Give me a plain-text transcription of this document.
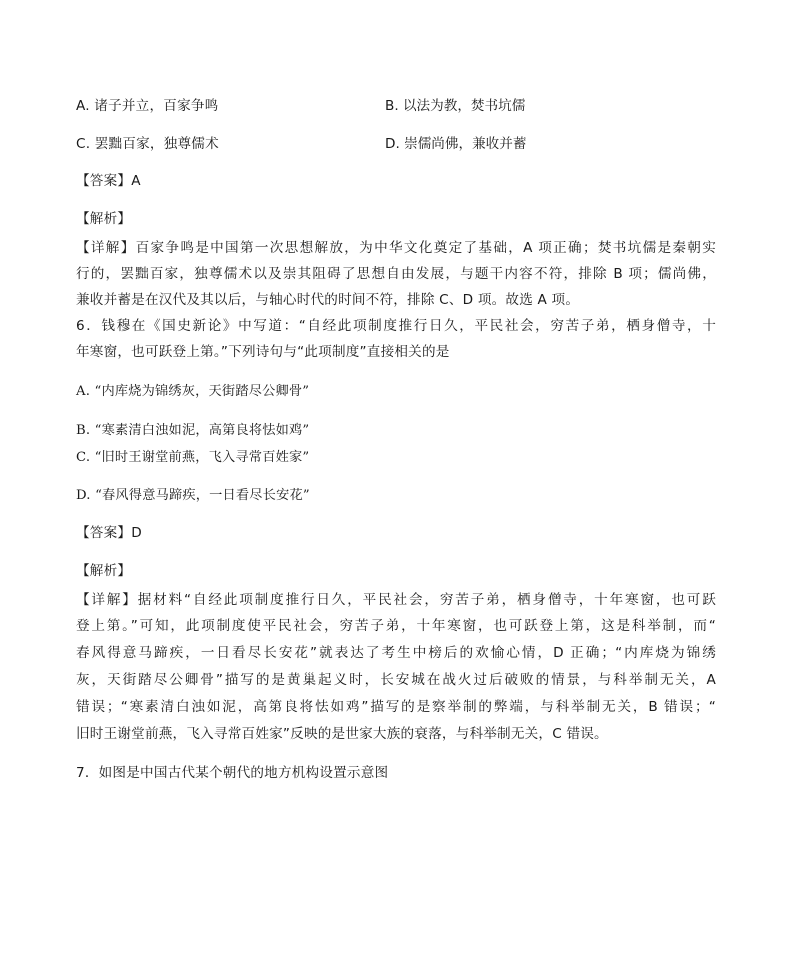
A. 诸子并立，百家争鸣	B. 以法为教，焚书坑儒
C. 罢黜百家，独尊儒术	D. 崇儒尚佛，兼收并蓄
【答案】A
【解析】
【详解】百家争鸣是中国第一次思想解放，为中华文化奠定了基础，A 项正确；焚书坑儒是秦朝实
行的，罢黜百家，独尊儒术以及崇其阻碍了思想自由发展，与题干内容不符，排除 B 项；儒尚佛，
兼收并蓄是在汉代及其以后，与轴心时代的时间不符，排除 C、D 项。故选 A 项。
6．钱穆在《国史新论》中写道：“自经此项制度推行日久，平民社会，穷苦子弟，栖身僧寺，十
年寒窗，也可跃登上第。”下列诗句与“此项制度”直接相关的是
A. “内库烧为锦绣灰，天街踏尽公卿骨”
B. “寒素清白浊如泥，高第良将怯如鸡”
C. “旧时王谢堂前燕，飞入寻常百姓家”
D. “春风得意马蹄疾，一日看尽长安花”
【答案】D
【解析】
【详解】据材料“自经此项制度推行日久，平民社会，穷苦子弟，栖身僧寺，十年寒窗，也可跃
登上第。”可知，此项制度使平民社会，穷苦子弟，十年寒窗，也可跃登上第，这是科举制，而“
春风得意马蹄疾，一日看尽长安花”就表达了考生中榜后的欢愉心情，D 正确；“内库烧为锦绣
灰，天街踏尽公卿骨”描写的是黄巢起义时，长安城在战火过后破败的情景，与科举制无关，A
错误；“寒素清白浊如泥，高第良将怯如鸡”描写的是察举制的弊端，与科举制无关，B 错误；“
旧时王谢堂前燕，飞入寻常百姓家”反映的是世家大族的衰落，与科举制无关，C 错误。
7．如图是中国古代某个朝代的地方机构设置示意图
